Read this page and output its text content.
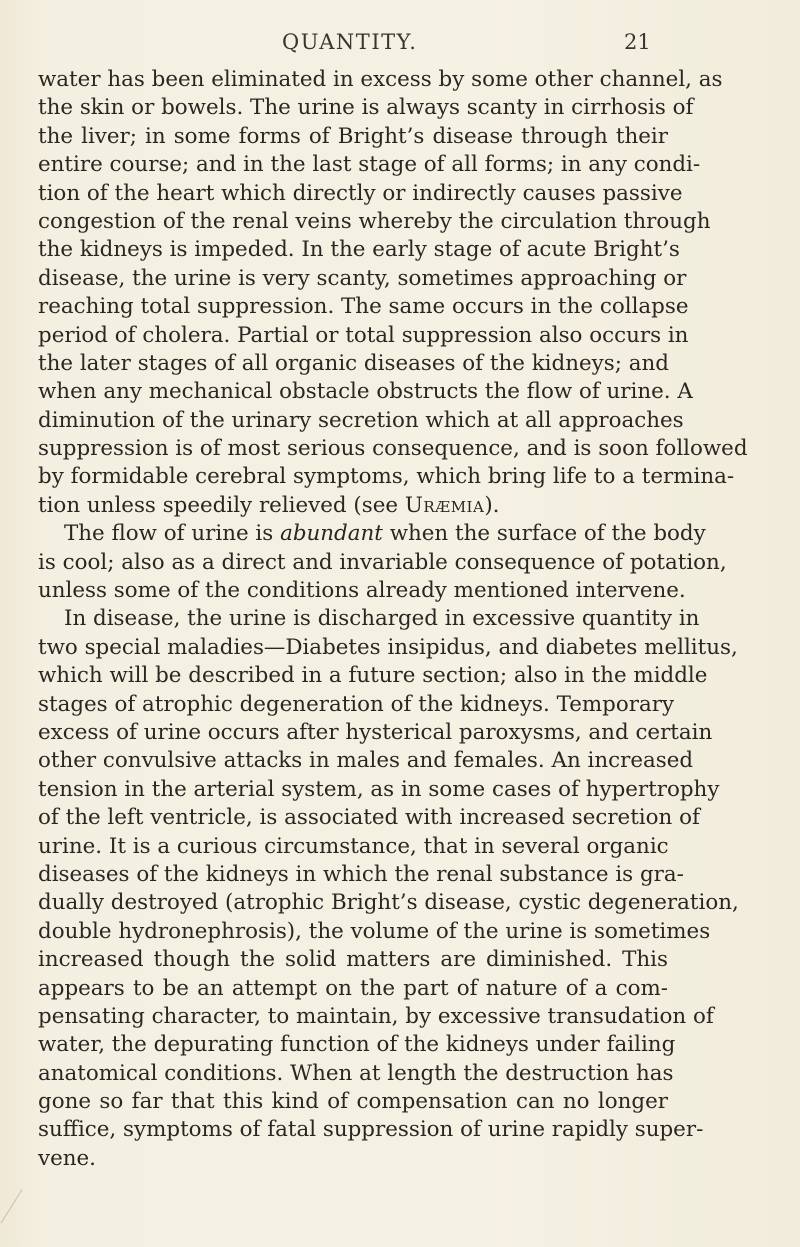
QUANTITY.	21
water has been eliminated in excess by some other channel, as
the skin or bowels. The urine is always scanty in cirrhosis of
the liver; in some forms of Bright’s disease through their
entire course; and in the last stage of all forms; in any condi-
tion of the heart which directly or indirectly causes passive
congestion of the renal veins whereby the circulation through
the kidneys is impeded. In the early stage of acute Bright’s
disease, the urine is very scanty, sometimes approaching or
reaching total suppression. The same occurs in the collapse
period of cholera. Partial or total suppression also occurs in
the later stages of all organic diseases of the kidneys; and
when any mechanical obstacle obstructs the flow of urine. A
diminution of the urinary secretion which at all approaches
suppression is of most serious consequence, and is soon followed
by formidable cerebral symptoms, which bring life to a termina-
tion unless speedily relieved (see Uræmia).
The flow of urine is abundant when the surface of the body
is cool; also as a direct and invariable consequence of potation,
unless some of the conditions already mentioned intervene.
In disease, the urine is discharged in excessive quantity in
two special maladies—Diabetes insipidus, and diabetes mellitus,
which will be described in a future section; also in the middle
stages of atrophic degeneration of the kidneys. Temporary
excess of urine occurs after hysterical paroxysms, and certain
other convulsive attacks in males and females. An increased
tension in the arterial system, as in some cases of hypertrophy
of the left ventricle, is associated with increased secretion of
urine. It is a curious circumstance, that in several organic
diseases of the kidneys in which the renal substance is gra-
dually destroyed (atrophic Bright’s disease, cystic degeneration,
double hydronephrosis), the volume of the urine is sometimes
increased though the solid matters are diminished. This
appears to be an attempt on the part of nature of a com-
pensating character, to maintain, by excessive transudation of
water, the depurating function of the kidneys under failing
anatomical conditions. When at length the destruction has
gone so far that this kind of compensation can no longer
suffice, symptoms of fatal suppression of urine rapidly super-
vene.
